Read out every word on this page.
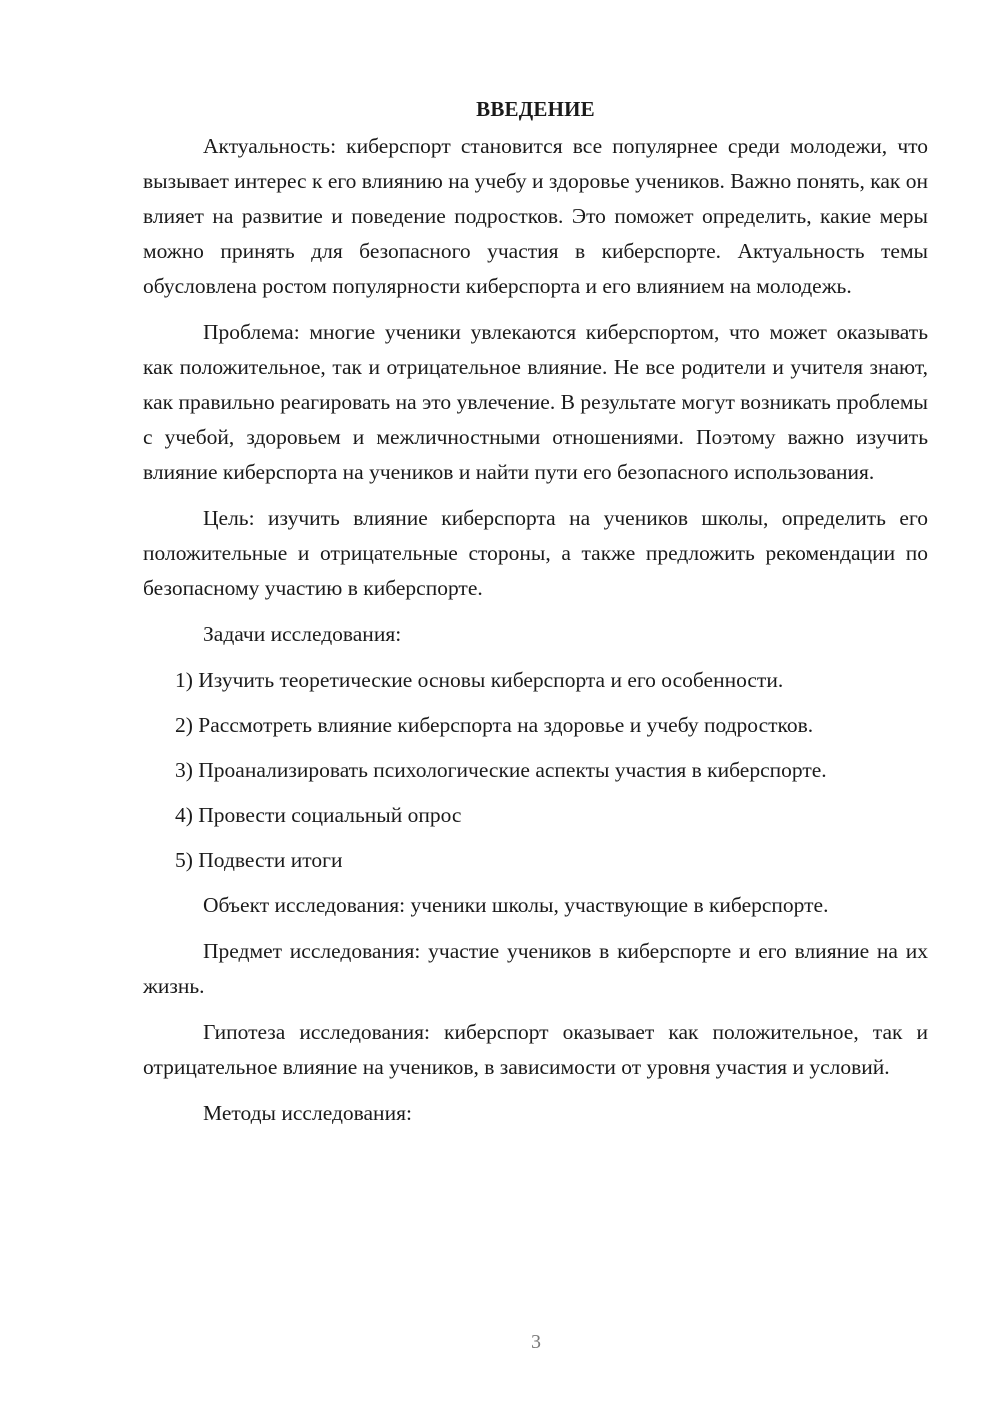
ВВЕДЕНИЕ

Актуальность: киберспорт становится все популярнее среди молодежи, что вызывает интерес к его влиянию на учебу и здоровье учеников. Важно понять, как он влияет на развитие и поведение подростков. Это поможет определить, какие меры можно принять для безопасного участия в киберспорте. Актуальность темы обусловлена ростом популярности киберспорта и его влиянием на молодежь.

Проблема: многие ученики увлекаются киберспортом, что может оказывать как положительное, так и отрицательное влияние. Не все родители и учителя знают, как правильно реагировать на это увлечение. В результате могут возникать проблемы с учебой, здоровьем и межличностными отношениями. Поэтому важно изучить влияние киберспорта на учеников и найти пути его безопасного использования.

Цель: изучить влияние киберспорта на учеников школы, определить его положительные и отрицательные стороны, а также предложить рекомендации по безопасному участию в киберспорте.

Задачи исследования:

1) Изучить теоретические основы киберспорта и его особенности.

2) Рассмотреть влияние киберспорта на здоровье и учебу подростков.

3) Проанализировать психологические аспекты участия в киберспорте.

4) Провести социальный опрос

5) Подвести итоги

Объект исследования: ученики школы, участвующие в киберспорте.

Предмет исследования: участие учеников в киберспорте и его влияние на их жизнь.

Гипотеза исследования: киберспорт оказывает как положительное, так и отрицательное влияние на учеников, в зависимости от уровня участия и условий.

Методы исследования:

3
